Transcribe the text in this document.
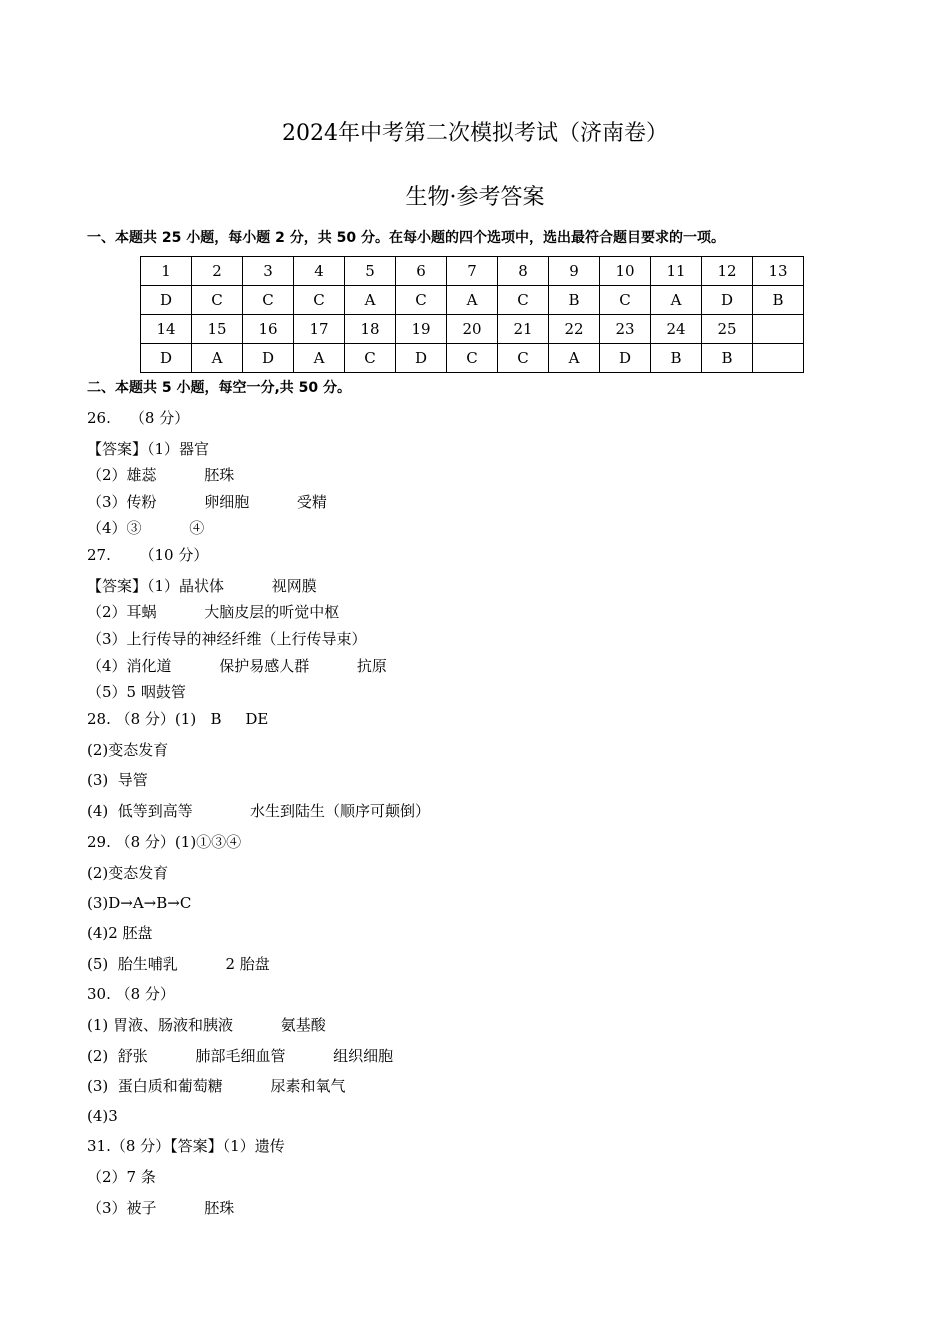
2024年中考第二次模拟考试（济南卷）
生物·参考答案
一、本题共 25 小题，每小题 2 分，共 50 分。在每小题的四个选项中，选出最符合题目要求的一项。
1	2	3	4	5	6	7	8	9	10	11	12	13
D	C	C	C	A	C	A	C	B	C	A	D	B
14	15	16	17	18	19	20	21	22	23	24	25	
D	A	D	A	C	D	C	C	A	D	B	B	
二、本题共 5 小题，每空一分,共 50 分。
26.    （8 分）
【答案】（1）器官
（2）雄蕊          胚珠
（3）传粉          卵细胞          受精
（4）③          ④
27.      （10 分）
【答案】（1）晶状体          视网膜
（2）耳蜗          大脑皮层的听觉中枢
（3）上行传导的神经纤维（上行传导束）
（4）消化道          保护易感人群          抗原
（5）5 咽鼓管
28. （8 分）(1)   B     DE
(2)变态发育
(3)  导管
(4)  低等到高等            水生到陆生（顺序可颠倒）
29. （8 分）(1)①③④
(2)变态发育
(3)D→A→B→C
(4)2 胚盘
(5)  胎生哺乳          2 胎盘
30. （8 分）
(1) 胃液、肠液和胰液          氨基酸
(2)  舒张          肺部毛细血管          组织细胞
(3)  蛋白质和葡萄糖          尿素和氧气
(4)3
31.（8 分）【答案】（1）遗传
（2）7 条
（3）被子          胚珠
